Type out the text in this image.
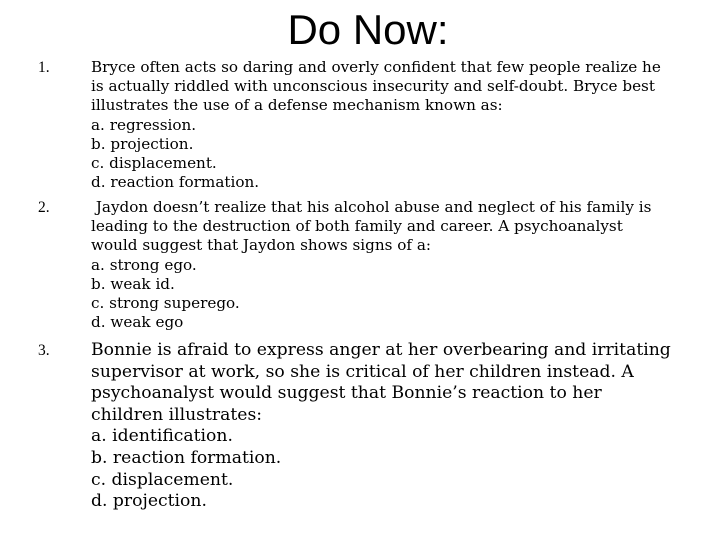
Do Now:
1.	Bryce often acts so daring and overly confident that few people realize he
is actually riddled with unconscious insecurity and self-doubt. Bryce best
illustrates the use of a defense mechanism known as:
a. regression.
b. projection.
c. displacement.
d. reaction formation.
2.	Jaydon doesn’t realize that his alcohol abuse and neglect of his family is
leading to the destruction of both family and career. A psychoanalyst
would suggest that Jaydon shows signs of a:
a. strong ego.
b. weak id.
c. strong superego.
d. weak ego
3. Bonnie is afraid to express anger at her overbearing and irritating
supervisor at work, so she is critical of her children instead. A
psychoanalyst would suggest that Bonnie’s reaction to her
children illustrates:
a. identification.
b. reaction formation.
c. displacement.
d. projection.
